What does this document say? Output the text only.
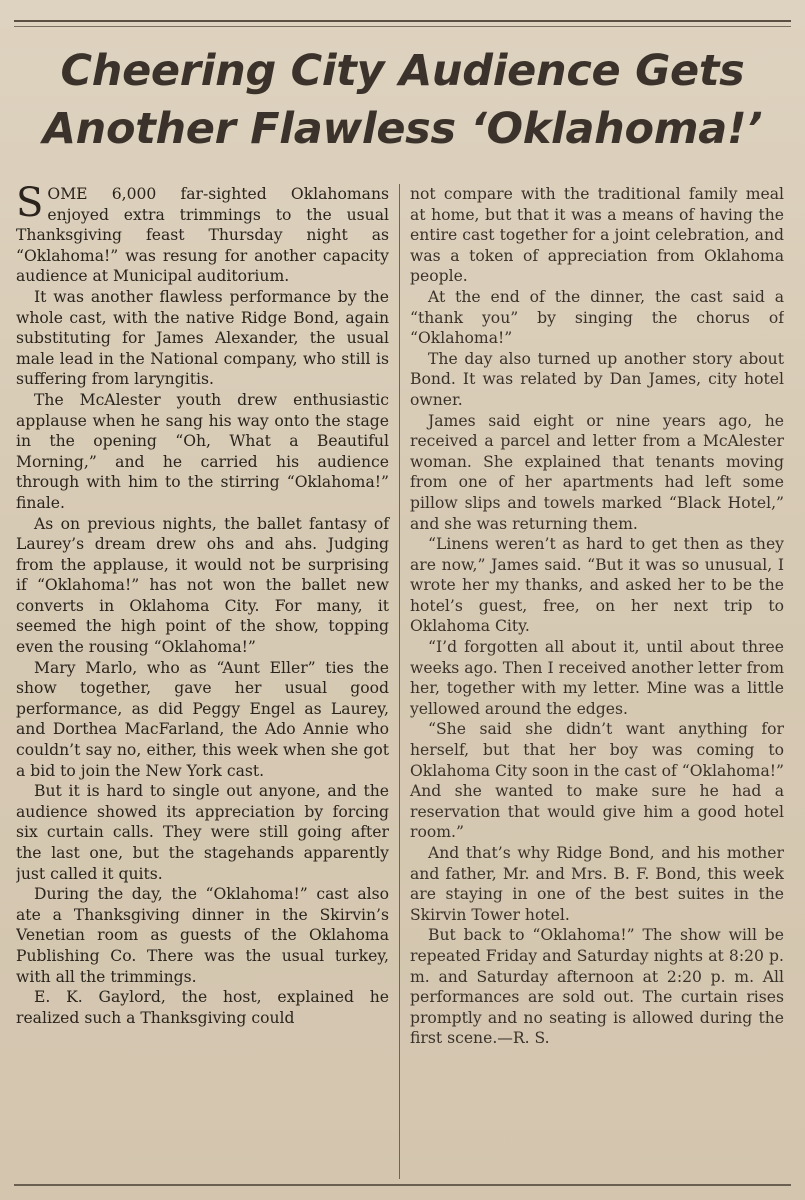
Cheering City Audience Gets
Another Flawless ‘Oklahoma!’

SOME 6,000 far-sighted Oklahomans enjoyed extra trimmings to the usual Thanksgiving feast Thursday night as “Oklahoma!” was resung for another capacity audience at Municipal auditorium.

It was another flawless performance by the whole cast, with the native Ridge Bond, again substituting for James Alexander, the usual male lead in the National company, who still is suffering from laryngitis.

The McAlester youth drew enthusiastic applause when he sang his way onto the stage in the opening “Oh, What a Beautiful Morning,” and he carried his audience through with him to the stirring “Oklahoma!” finale.

As on previous nights, the ballet fantasy of Laurey’s dream drew ohs and ahs. Judging from the applause, it would not be surprising if “Oklahoma!” has not won the ballet new converts in Oklahoma City. For many, it seemed the high point of the show, topping even the rousing “Oklahoma!”

Mary Marlo, who as “Aunt Eller” ties the show together, gave her usual good performance, as did Peggy Engel as Laurey, and Dorthea MacFarland, the Ado Annie who couldn’t say no, either, this week when she got a bid to join the New York cast.

But it is hard to single out anyone, and the audience showed its appreciation by forcing six curtain calls. They were still going after the last one, but the stagehands apparently just called it quits.

During the day, the “Oklahoma!” cast also ate a Thanksgiving dinner in the Skirvin’s Venetian room as guests of the Oklahoma Publishing Co. There was the usual turkey, with all the trimmings.

E. K. Gaylord, the host, explained he realized such a Thanksgiving could

not compare with the traditional family meal at home, but that it was a means of having the entire cast together for a joint celebration, and was a token of appreciation from Oklahoma people.

At the end of the dinner, the cast said a “thank you” by singing the chorus of “Oklahoma!”

The day also turned up another story about Bond. It was related by Dan James, city hotel owner.

James said eight or nine years ago, he received a parcel and letter from a McAlester woman. She explained that tenants moving from one of her apartments had left some pillow slips and towels marked “Black Hotel,” and she was returning them.

“Linens weren’t as hard to get then as they are now,” James said. “But it was so unusual, I wrote her my thanks, and asked her to be the hotel’s guest, free, on her next trip to Oklahoma City.

“I’d forgotten all about it, until about three weeks ago. Then I received another letter from her, together with my letter. Mine was a little yellowed around the edges.

“She said she didn’t want anything for herself, but that her boy was coming to Oklahoma City soon in the cast of “Oklahoma!” And she wanted to make sure he had a reservation that would give him a good hotel room.”

And that’s why Ridge Bond, and his mother and father, Mr. and Mrs. B. F. Bond, this week are staying in one of the best suites in the Skirvin Tower hotel.

But back to “Oklahoma!” The show will be repeated Friday and Saturday nights at 8:20 p. m. and Saturday afternoon at 2:20 p. m. All performances are sold out. The curtain rises promptly and no seating is allowed during the first scene.—R. S.
